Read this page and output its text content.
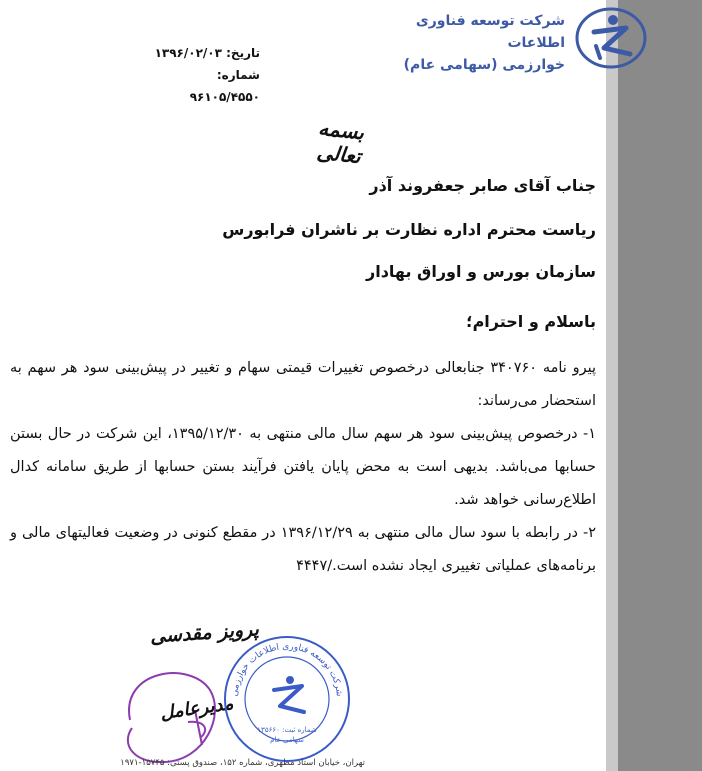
شرکت توسعه فناوری اطلاعات
خوارزمی (سهامی عام)
تاریخ: ۱۳۹۶/۰۲/۰۳
شماره: ۹۶۱۰۵/۴۵۵۰
بسمه تعالی
جناب آقای صابر جعفروند آذر
ریاست محترم اداره نظارت بر ناشران فرابورس
سازمان بورس و اوراق بهادار
باسلام و احترام؛

پیرو نامه ۳۴۰۷۶۰ جنابعالی درخصوص تغییرات قیمتی سهام و تغییر در پیش‌بینی سود هر سهم به استحضار می‌رساند:

۱- درخصوص پیش‌بینی سود هر سهم سال مالی منتهی به ۱۳۹۵/۱۲/۳۰، این شرکت در حال بستن حسابها می‌باشد. بدیهی است به محض پایان یافتن فرآیند بستن حسابها از طریق سامانه کدال اطلاع‌رسانی خواهد شد.

۲- در رابطه با سود سال مالی منتهی به ۱۳۹۶/۱۲/۲۹ در مقطع کنونی در وضعیت فعالیتهای مالی و برنامه‌های عملیاتی تغییری ایجاد نشده است./۴۴۴۷

پرویز مقدسی
مدیرعامل
شرکت توسعه فناوری اطلاعات خوارزمی
شماره ثبت: ۱۳۵۶۶۰
سهامی عام
تهران، خیابان استاد مطهری، شماره ۱۵۲، صندوق پستی: ۱۵۷۴۵-۱۹۷۱
